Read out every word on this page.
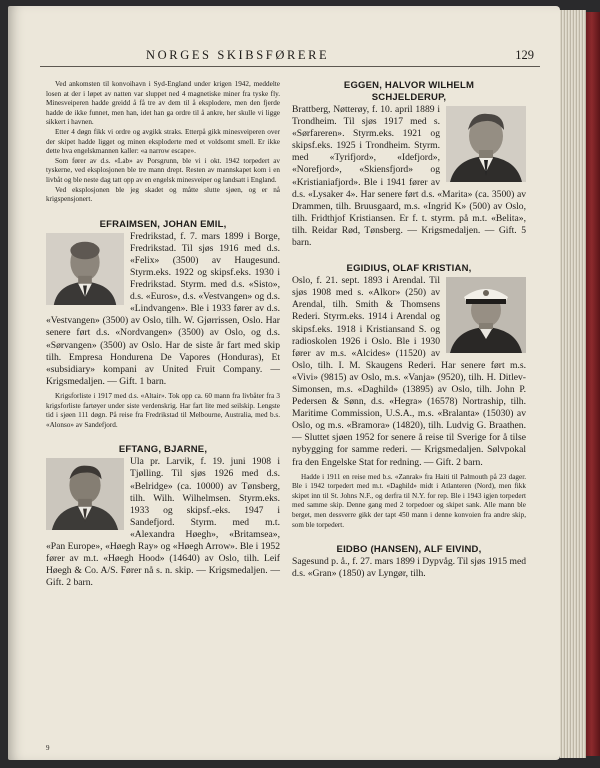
NORGES SKIBSFØRERE	129

Ved ankomsten til konvoihavn i Syd-England under krigen 1942, meddelte losen at der i løpet av natten var sluppet ned 4 magnetiske miner fra tyske fly. Minesveiperen hadde greidd å få tre av dem til å eksplodere, men den fjerde hadde de ikke funnet, men han, idet han ga ordre til å ankre, her skulle vi ligge sikkert i havnen.

Etter 4 døgn fikk vi ordre og avgikk straks. Etterpå gikk minesveiperen over der skipet hadde ligget og minen eksploderte med et voldsomt smell. Er ikke dette hva engelskmannen kaller: «a narrow escape».

Som fører av d.s. «Lab» av Porsgrunn, ble vi i okt. 1942 torpedert av tyskerne, ved eksplosjonen ble tre mann drept. Resten av mannskapet kom i en livbåt og ble neste dag tatt opp av en engelsk minesveiper og landsatt i England.

Ved eksplosjonen ble jeg skadet og måtte slutte sjøen, og er nå krigspensjonert.

EFRAIMSEN, JOHAN EMIL,

Fredrikstad, f. 7. mars 1899 i Borge, Fredrikstad. Til sjøs 1916 med d.s. «Felix» (3500) av Haugesund. Styrm.eks. 1922 og skipsf.eks. 1930 i Fredrikstad. Styrm. med d.s. «Sisto», d.s. «Euros», d.s. «Vestvangen» og d.s. «Lindvangen». Ble i 1933 fører av d.s. «Vestvangen» (3500) av Oslo, tilh. W. Gjørrissen, Oslo. Har senere ført d.s. «Nordvangen» (3500) av Oslo, og d.s. «Sørvangen» (3500) av Oslo. Har de siste år fart med skip tilh. Empresa Hondurena De Vapores (Honduras), Et «subsidiary» kompani av United Fruit Company. — Krigsmedaljen. — Gift. 1 barn.

Krigsforliste i 1917 med d.s. «Altair». Tok opp ca. 60 mann fra livbåter fra 3 krigsforliste fartøyer under siste verdenskrig. Har fart lite med seilskip. Lengste tid i sjøen 111 døgn. På reise fra Fredrikstad til Melbourne, Australia, med b.s. «Alonso» av Sandefjord.

EFTANG, BJARNE,

Ula pr. Larvik, f. 19. juni 1908 i Tjølling. Til sjøs 1926 med d.s. «Belridge» (ca. 10000) av Tønsberg, tilh. Wilh. Wilhelmsen. Styrm.eks. 1933 og skipsf.-eks. 1947 i Sandefjord. Styrm. med m.t. «Alexandra Høegh», «Britamsea», «Pan Europe», «Høegh Ray» og «Høegh Arrow». Ble i 1952 fører av m.t. «Høegh Hood» (14640) av Oslo, tilh. Leif Høegh & Co. A/S. Fører nå s. n. skip. — Krigsmedaljen. — Gift. 2 barn.

EGGEN, HALVOR WILHELM

SCHJELDERUP,

Brattberg, Nøtterøy, f. 10. april 1889 i Trondheim. Til sjøs 1917 med s. «Sørfareren». Styrm.eks. 1921 og skipsf.eks. 1925 i Trondheim. Styrm. med «Tyrifjord», «Idefjord», «Norefjord», «Skiensfjord» og «Kristianiafjord». Ble i 1941 fører av d.s. «Lysaker 4». Har senere ført d.s. «Marita» (ca. 3500) av Drammen, tilh. Bruusgaard, m.s. «Ingrid K» (500) av Oslo, tilh. Fridthjof Kristiansen. Er f. t. styrm. på m.t. «Belita», tilh. Reidar Rød, Tønsberg. — Krigsmedaljen. — Gift. 5 barn.

EGIDIUS, OLAF KRISTIAN,

Oslo, f. 21. sept. 1893 i Arendal. Til sjøs 1908 med s. «Alkor» (250) av Arendal, tilh. Smith & Thomsens Rederi. Styrm.eks. 1914 i Arendal og skipsf.eks. 1918 i Kristiansand S. og radioskolen 1926 i Oslo. Ble i 1930 fører av m.s. «Alcides» (11520) av Oslo, tilh. I. M. Skaugens Rederi. Har senere ført m.s. «Vivi» (9815) av Oslo, m.s. «Vanja» (9520), tilh. H. Ditlev-Simonsen, m.s. «Daghild» (13895) av Oslo, tilh. John P. Pedersen & Sønn, d.s. «Hegra» (16578) Nortraship, tilh. Maritime Commission, U.S.A., m.s. «Bralanta» (15030) av Oslo, og m.s. «Bramora» (14820), tilh. Ludvig G. Braathen. — Sluttet sjøen 1952 for senere å reise til Sverige for å tilse nybygging for samme rederi. — Krigsmedaljen. Sølvpokal fra den Engelske Stat for redning. — Gift. 2 barn.

Hadde i 1911 en reise med b.s. «Zanrak» fra Haiti til Palmouth på 23 dager. Ble i 1942 torpedert med m.t. «Daghild» midt i Atlanteren (Nord), men fikk skipet inn til St. Johns N.F., og derfra til N.Y. for rep. Ble i 1943 igjen torpedert med samme skip. Denne gang med 2 torpedoer og skipet sank. Alle mann ble berget, men dessverre gikk der tapt 450 mann i denne konvoien fra andre skip, som ble torpedert.

EIDBO (HANSEN), ALF EIVIND,

Sagesund p. å., f. 27. mars 1899 i Dypvåg. Til sjøs 1915 med d.s. «Gran» (1850) av Lyngør, tilh.

9
